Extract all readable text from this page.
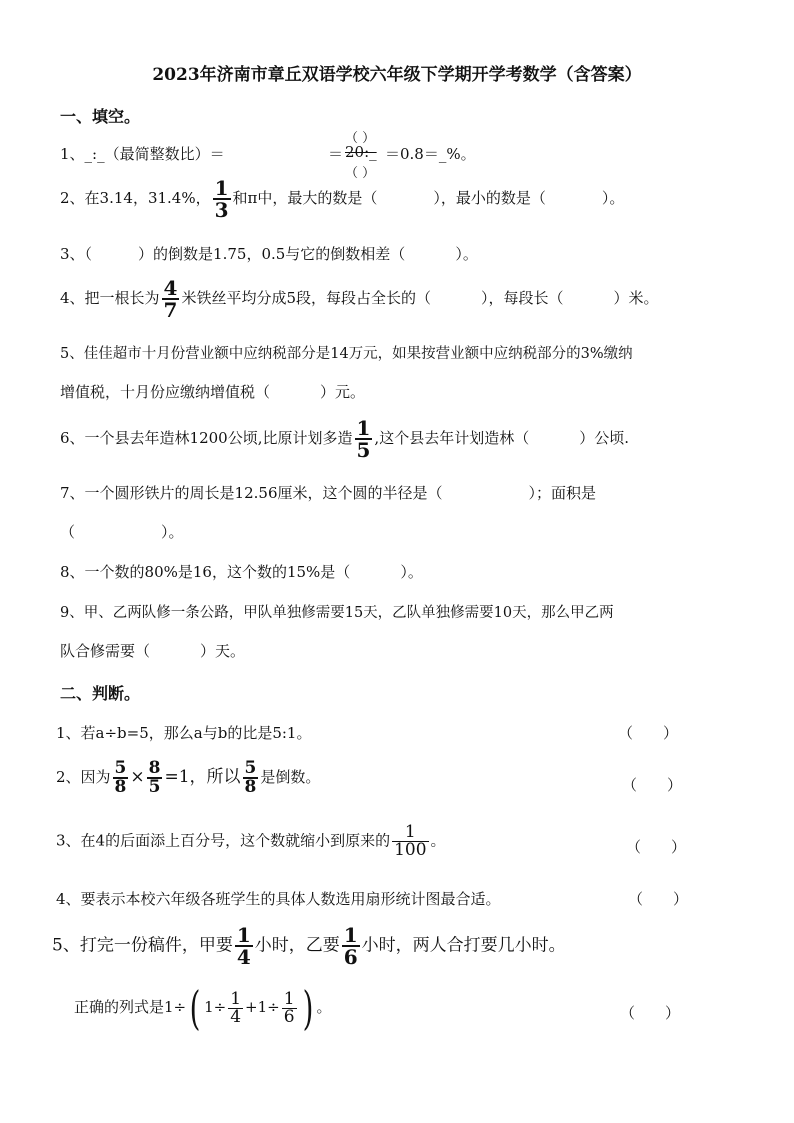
2023年济南市章丘双语学校六年级下学期开学考数学（含答案）
一、填空。
1、_:_（最简整数比）＝	＝
（ ）
20:_
（ ）
＝0.8＝_%。
2、在3.14，31.4%， $\frac{1}{3}$ 和π中，最大的数是（	），最小的数是（	）。
3、（	）的倒数是1.75，0.5与它的倒数相差（	）。
4、把一根长为 $\frac{4}{7}$ 米铁丝平均分成5段，每段占全长的（	），每段长（	）米。
5、佳佳超市十月份营业额中应纳税部分是14万元，如果按营业额中应纳税部分的3%缴纳
增值税，十月份应缴纳增值税（	）元。
6、一个县去年造林1200公顷,比原计划多造 $\frac{1}{5}$ ,这个县去年计划造林（	）公顷.
7、一个圆形铁片的周长是12.56厘米，这个圆的半径是（	）；面积是
（	）。
8、一个数的80%是16，这个数的15%是（	）。
9、甲、乙两队修一条公路，甲队单独修需要15天，乙队单独修需要10天，那么甲乙两
队合修需要（	）天。
二、判断。
1、若a÷b=5，那么a与b的比是5:1。	（　　）
2、因为 $\frac{5}{8} \times \frac{8}{5} =1$，所以 $\frac{5}{8}$ 是倒数。	（　　）
3、在4的后面添上百分号，这个数就缩小到原来的 $\frac{1}{100}$ 。	（　　）
4、要表示本校六年级各班学生的具体人数选用扇形统计图最合适。	（　　）
5、打完一份稿件，甲要 $\frac{1}{4}$ 小时，乙要 $\frac{1}{6}$ 小时，两人合打要几小时。
正确的列式是1÷( $1\div \frac{1}{4} +1\div \frac{1}{6}$ ) 。	（　　）
